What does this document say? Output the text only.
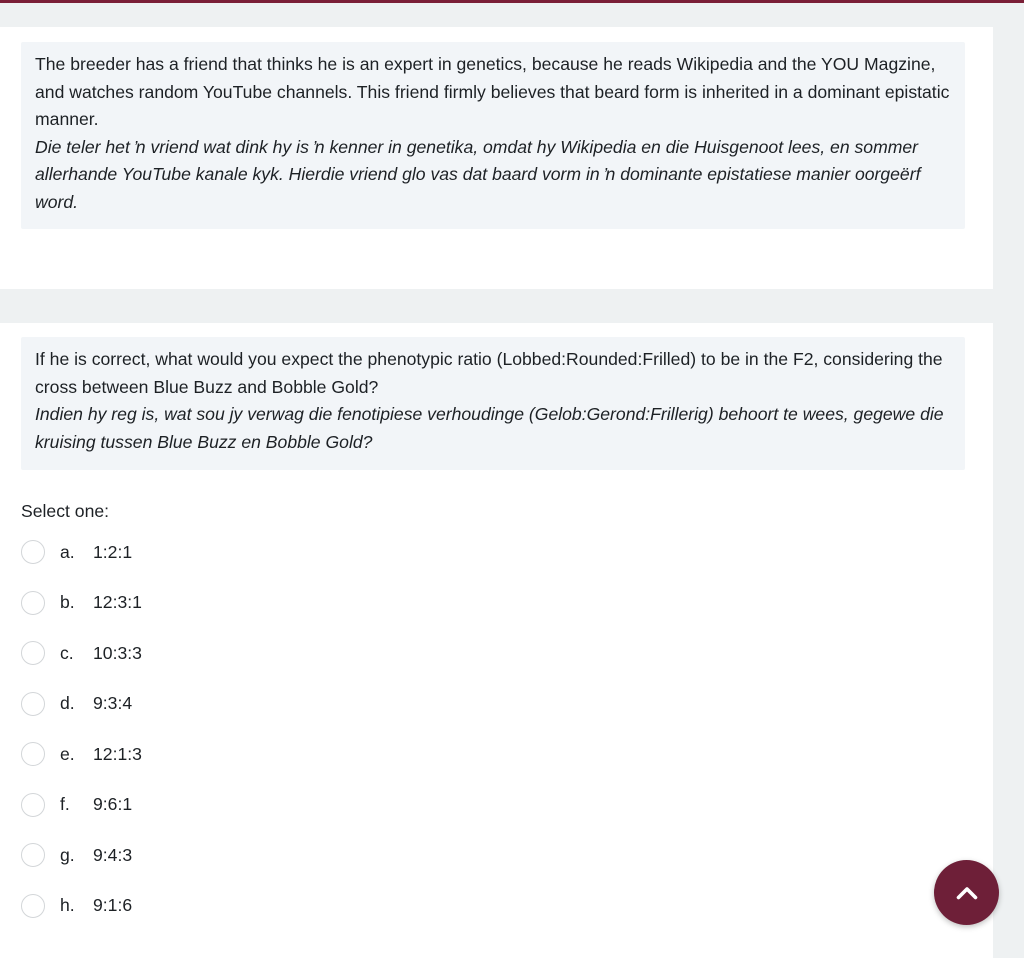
The breeder has a friend that thinks he is an expert in genetics, because he reads Wikipedia and the YOU Magzine, and watches random YouTube channels. This friend firmly believes that beard form is inherited in a dominant epistatic manner.

Die teler het ŉ vriend wat dink hy is ŉ kenner in genetika, omdat hy Wikipedia en die Huisgenoot lees, en sommer allerhande YouTube kanale kyk. Hierdie vriend glo vas dat baard vorm in ŉ dominante epistatiese manier oorgeërf word.

If he is correct, what would you expect the phenotypic ratio (Lobbed:Rounded:Frilled) to be in the F2, considering the cross between Blue Buzz and Bobble Gold?

Indien hy reg is, wat sou jy verwag die fenotipiese verhoudinge (Gelob:Gerond:Frillerig) behoort te wees, gegewe die kruising tussen Blue Buzz en Bobble Gold?

Select one:
a.	1:2:1
b.	12:3:1
c.	10:3:3
d.	9:3:4
e.	12:1:3
f.	9:6:1
g.	9:4:3
h.	9:1:6
